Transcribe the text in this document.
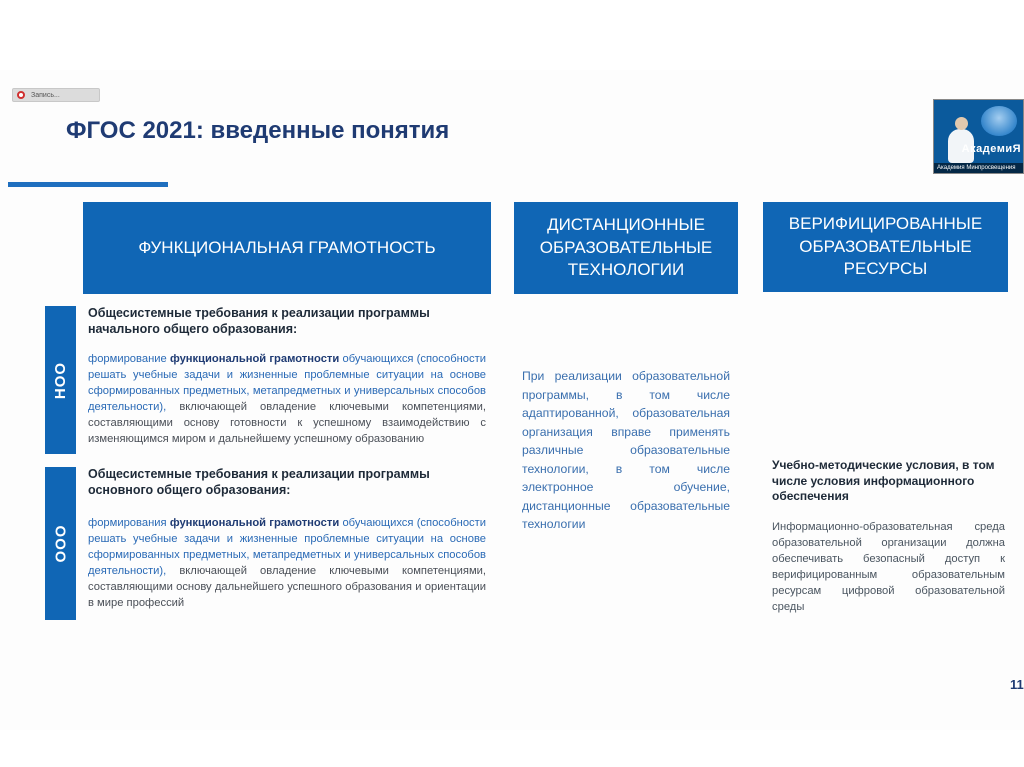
Запись...
ФГОС 2021: введенные понятия
АкадемиЯ
Академия Минпросвещения
ФУНКЦИОНАЛЬНАЯ ГРАМОТНОСТЬ
ДИСТАНЦИОННЫЕ ОБРАЗОВАТЕЛЬНЫЕ ТЕХНОЛОГИИ
ВЕРИФИЦИРОВАННЫЕ ОБРАЗОВАТЕЛЬНЫЕ РЕСУРСЫ
НОО
ООО

Общесистемные требования к реализации программы начального общего образования:

формирование функциональной грамотности обучающихся (способности решать учебные задачи и жизненные проблемные ситуации на основе сформированных предметных, метапредметных и универсальных способов деятельности), включающей овладение ключевыми компетенциями, составляющими основу готовности к успешному взаимодействию с изменяющимся миром и дальнейшему успешному образованию

Общесистемные требования к реализации программы основного общего образования:

формирования функциональной грамотности обучающихся (способности решать учебные задачи и жизненные проблемные ситуации на основе сформированных предметных, метапредметных и универсальных способов деятельности), включающей овладение ключевыми компетенциями, составляющими основу дальнейшего успешного образования и ориентации в мире профессий

При реализации образовательной программы, в том числе адаптированной, образовательная организация вправе применять различные образовательные технологии, в том числе электронное обучение, дистанционные образовательные технологии

Учебно-методические условия, в том числе условия информационного обеспечения

Информационно-образовательная среда образовательной организации должна обеспечивать безопасный доступ к верифицированным образовательным ресурсам цифровой образовательной среды

11
